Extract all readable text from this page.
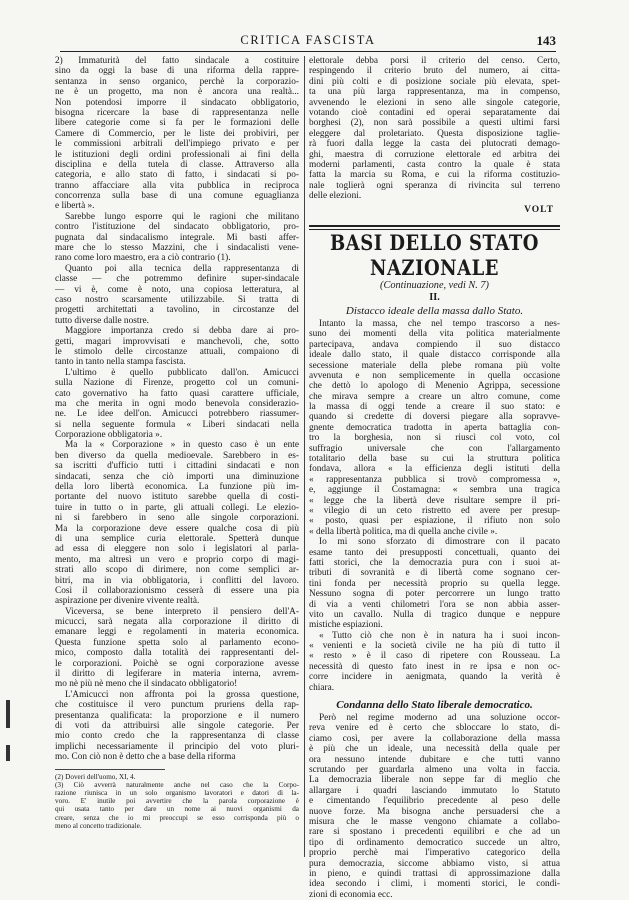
CRITICA FASCISTA	143
2) Immaturità del fatto sindacale a costituire
sino da oggi la base di una riforma della rappre-
sentanza in senso organico, perchè la corporazio-
ne è un progetto, ma non è ancora una realtà...
Non potendosi imporre il sindacato obbligatorio,
bisogna ricercare la base di rappresentanza nelle
libere categorie come si fa per le formazioni delle
Camere di Commercio, per le liste dei probiviri, per
le commissioni arbitrali dell'impiego privato e per
le istituzioni degli ordini professionali ai fini della
disciplina e della tutela di classe. Attraverso alla
categoria, e allo stato di fatto, i sindacati si po-
tranno affacciare alla vita pubblica in reciproca
concorrenza sulla base di una comune eguaglianza
e libertà ».
Sarebbe lungo esporre qui le ragioni che militano
contro l'istituzione del sindacato obbligatorio, pro-
pugnata dal sindacalismo integrale. Mi basti affer-
mare che lo stesso Mazzini, che i sindacalisti vene-
rano come loro maestro, era a ciò contrario (1).
Quanto poi alla tecnica della rappresentanza di
classe — che potremmo definire super-sindacale
— vi è, come è noto, una copiosa letteratura, al
caso nostro scarsamente utilizzabile. Si tratta di
progetti architettati a tavolino, in circostanze del
tutto diverse dalle nostre.
Maggiore importanza credo si debba dare ai pro-
getti, magari improvvisati e manchevoli, che, sotto
le stimolo delle circostanze attuali, compaiono di
tanto in tanto nella stampa fascista.
L'ultimo è quello pubblicato dall'on. Amicucci
sulla Nazione di Firenze, progetto col un comuni-
cato governativo ha fatto quasi carattere ufficiale,
ma che merita in ogni modo benevola considerazio-
ne. Le idee dell'on. Amicucci potrebbero riassumer-
si nella seguente formula « Liberi sindacati nella
Corporazione obbligatoria ».
Ma la « Corporazione » in questo caso è un ente
ben diverso da quella medioevale. Sarebbero in es-
sa iscritti d'ufficio tutti i cittadini sindacati e non
sindacati, senza che ciò importi una diminuzione
della loro libertà economica. La funzione più im-
portante del nuovo istituto sarebbe quella di costi-
tuire in tutto o in parte, gli attuali collegi. Le elezio-
ni si farebbero in seno alle singole corporazioni.
Ma la corporazione deve essere qualche cosa di più
di una semplice curia elettorale. Spetterà dunque
ad essa di eleggere non solo i legislatori al parla-
mento, ma altresì un vero e proprio corpo di magi-
strati allo scopo di dirimere, non come semplici ar-
bitri, ma in via obbligatoria, i conflitti del lavoro.
Così il collaborazionismo cesserà di essere una pia
aspirazione per divenire vivente realtà.
Viceversa, se bene interpreto il pensiero dell'A-
micucci, sarà negata alla corporazione il diritto di
emanare leggi e regolamenti in materia economica.
Questa funzione spetta solo al parlamento econo-
mico, composto dalla totalità dei rappresentanti del-
le corporazioni. Poichè se ogni corporazione avesse
il diritto di legiferare in materia interna, avrem-
mo nè più nè meno che il sindacato obbligatorio!
L'Amicucci non affronta poi la grossa questione,
che costituisce il vero punctum pruriens della rap-
presentanza qualificata: la proporzione e il numero
di voti da attribuirsi alle singole categorie. Per
mio conto credo che la rappresentanza di classe
implichi necessariamente il principio del voto pluri-
mo. Con ciò non è detto che a base della riforma
(2) Doveri dell'uomo, XI, 4.
(3) Ciò avverrà naturalmente anche nel caso che la Corpo-
razione riunisca in un solo organismo lavoratori e datori di la-
voro. E' inutile poi avvertire che la parola corporazione è
qui usata tanto per dare un nome ai nuovi organismi da
creare, senza che io mi preoccupi se esso corrisponda più o
meno al concetto tradizionale.
elettorale debba porsi il criterio del censo. Certo,
respingendo il criterio bruto del numero, ai citta-
dini più colti e di posizione sociale più elevata, spet-
ta una più larga rappresentanza, ma in compenso,
avvenendo le elezioni in seno alle singole categorie,
votando cioè contadini ed operai separatamente dai
borghesi (2), non sarà possibile a questi ultimi farsi
eleggere dal proletariato. Questa disposizione taglie-
rà fuori dalla legge la casta dei plutocrati demago-
ghi, maestra di corruzione elettorale ed arbitra dei
moderni parlamenti, casta contro la quale è stata
fatta la marcia su Roma, e cui la riforma costituzio-
nale toglierà ogni speranza di rivincita sul terreno
delle elezioni.
VOLT
BASI DELLO STATO NAZIONALE
(Continuazione, vedi N. 7)
II.
Distacco ideale della massa dallo Stato.
Intanto la massa, che nel tempo trascorso a nes-
suno dei momenti della vita politica materialmente
partecipava, andava compiendo il suo distacco
ideale dallo stato, il quale distacco corrisponde alla
secessione materiale della plebe romana più volte
avvenuta e non semplicemente in quella occasione
che dettò lo apologo di Menenio Agrippa, secessione
che mirava sempre a creare un altro comune, come
la massa di oggi tende a creare il suo stato: e
quando si credette di doversi piegare alla sopravve-
gnente democratica tradotta in aperta battaglia con-
tro la borghesia, non si riuscì col voto, col
suffragio universale che con l'allargamento
totalitario della base su cui la struttura politica
fondava, allora « la efficienza degli istituti della
« rappresentanza pubblica si trovò compromessa »,
e, aggiunge il Costamagna: « sembra una tragica
« legge che la libertà deve risultare sempre il pri-
« vilegio di un ceto ristretto ed avere per presup-
« posto, quasi per espiazione, il rifiuto non solo
« della libertà politica, ma di quella anche civile ».
Io mi sono sforzato di dimostrare con il pacato
esame tanto dei presupposti concettuali, quanto dei
fatti storici, che la democrazia pura con i suoi at-
tributi di sovranità e di libertà come sognano cer-
tini fonda per necessità proprio su quella legge.
Nessuno sogna di poter percorrere un lungo tratto
di via a venti chilometri l'ora se non abbia asser-
vito un cavallo. Nulla di tragico dunque e neppure
mistiche espiazioni.
« Tutto ciò che non è in natura ha i suoi incon-
« venienti e la società civile ne ha più di tutto il
« resto » è il caso di ripetere con Rousseau. La
necessità di questo fato inest in re ipsa e non oc-
corre incidere in aenigmata, quando la verità è
chiara.
Condanna dello Stato liberale democratico.
Però nel regime moderno ad una soluzione occor-
reva venire ed è certo che sbloccare lo stato, di-
ciamo così, per avere la collaborazione della massa
è più che un ideale, una necessità della quale per
ora nessuno intende dubitare e che tutti vanno
scrutando per guardarla almeno una volta in faccia.
La democrazia liberale non seppe far di meglio che
allargare i quadri lasciando immutato lo Statuto
e cimentando l'equilibrio precedente al peso delle
nuove forze. Ma bisogna anche persuadersi che a
misura che le masse vengono chiamate a collabo-
rare si spostano i precedenti equilibri e che ad un
tipo di ordinamento democratico succede un altro,
proprio perchè mai l'imperativo categorico della
pura democrazia, siccome abbiamo visto, si attua
in pieno, e quindi trattasi di approssimazione dalla
idea secondo i climi, i momenti storici, le condi-
zioni di economia ecc.
